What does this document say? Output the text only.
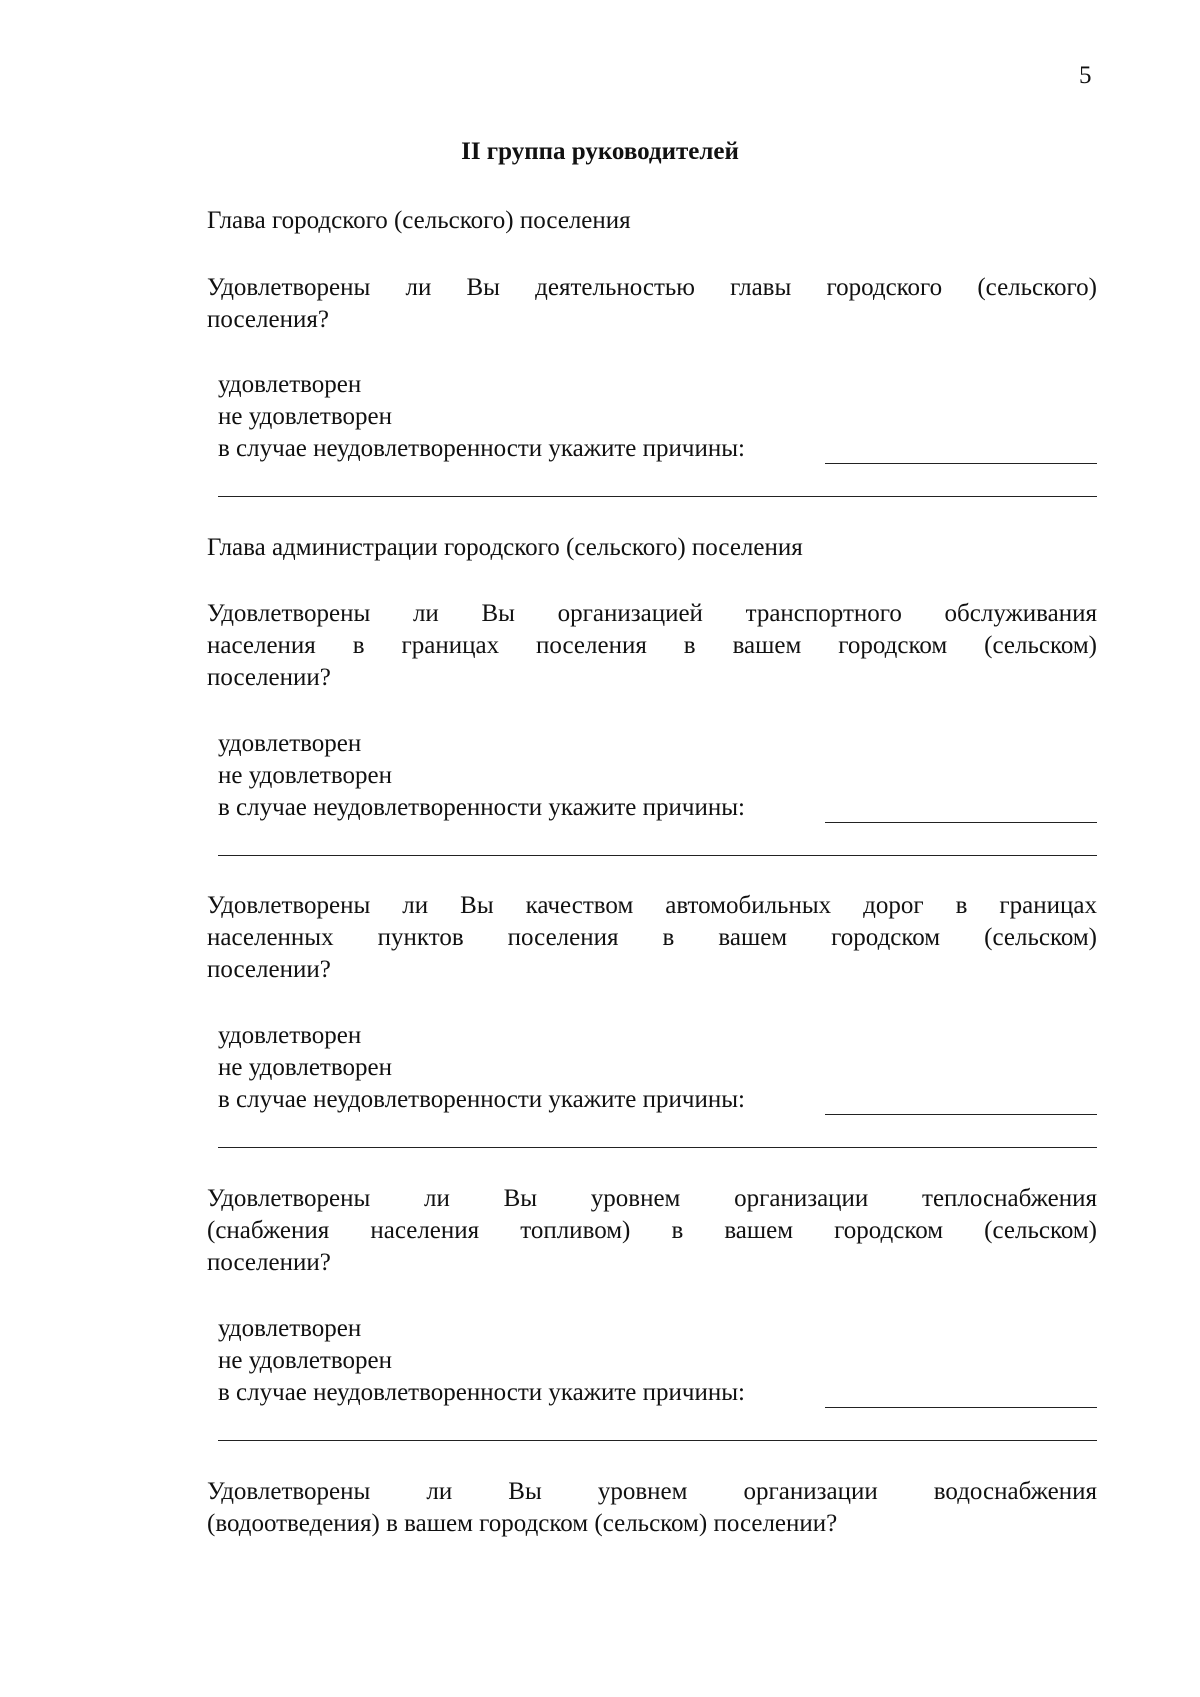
5
II группа руководителей
Глава городского (сельского) поселения
Удовлетворены ли Вы деятельностью главы городского (сельского)
поселения?
удовлетворен
не удовлетворен
в случае неудовлетворенности укажите причины:
Глава администрации городского (сельского) поселения
Удовлетворены ли Вы организацией транспортного обслуживания
населения в границах поселения в вашем городском (сельском)
поселении?
удовлетворен
не удовлетворен
в случае неудовлетворенности укажите причины:
Удовлетворены ли Вы качеством автомобильных дорог в границах
населенных пунктов поселения в вашем городском (сельском)
поселении?
удовлетворен
не удовлетворен
в случае неудовлетворенности укажите причины:
Удовлетворены ли Вы уровнем организации теплоснабжения
(снабжения населения топливом) в вашем городском (сельском)
поселении?
удовлетворен
не удовлетворен
в случае неудовлетворенности укажите причины:
Удовлетворены ли Вы уровнем организации водоснабжения
(водоотведения) в вашем городском (сельском) поселении?
